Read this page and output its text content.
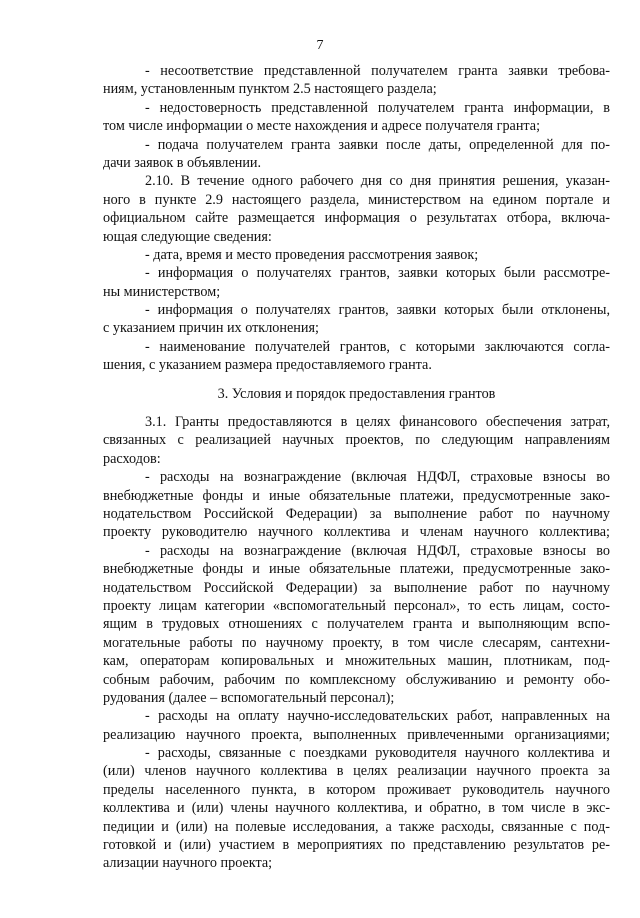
7
- несоответствие представленной получателем гранта заявки требова-
ниям, установленным пунктом 2.5 настоящего раздела;
- недостоверность представленной получателем гранта информации, в
том числе информации о месте нахождения и адресе получателя гранта;
- подача получателем гранта заявки после даты, определенной для по-
дачи заявок в объявлении.
2.10. В течение одного рабочего дня со дня принятия решения, указан-
ного в пункте 2.9 настоящего раздела, министерством на едином портале и
официальном сайте размещается информация о результатах отбора, включа-
ющая следующие сведения:
- дата, время и место проведения рассмотрения заявок;
- информация о получателях грантов, заявки которых были рассмотре-
ны министерством;
- информация о получателях грантов, заявки которых были отклонены,
с указанием причин их отклонения;
- наименование получателей грантов, с которыми заключаются согла-
шения, с указанием размера предоставляемого гранта.
3. Условия и порядок предоставления грантов
3.1. Гранты предоставляются в целях финансового обеспечения затрат,
связанных с реализацией научных проектов, по следующим направлениям
расходов:
- расходы на вознаграждение (включая НДФЛ, страховые взносы во
внебюджетные фонды и иные обязательные платежи, предусмотренные зако-
нодательством Российской Федерации) за выполнение работ по научному
проекту руководителю научного коллектива и членам научного коллектива;
- расходы на вознаграждение (включая НДФЛ, страховые взносы во
внебюджетные фонды и иные обязательные платежи, предусмотренные зако-
нодательством Российской Федерации) за выполнение работ по научному
проекту лицам категории «вспомогательный персонал», то есть лицам, состо-
ящим в трудовых отношениях с получателем гранта и выполняющим вспо-
могательные работы по научному проекту, в том числе слесарям, сантехни-
кам, операторам копировальных и множительных машин, плотникам, под-
собным рабочим, рабочим по комплексному обслуживанию и ремонту обо-
рудования (далее – вспомогательный персонал);
- расходы на оплату научно-исследовательских работ, направленных на
реализацию научного проекта, выполненных привлеченными организациями;
- расходы, связанные с поездками руководителя научного коллектива и
(или) членов научного коллектива в целях реализации научного проекта за
пределы населенного пункта, в котором проживает руководитель научного
коллектива и (или) члены научного коллектива, и обратно, в том числе в экс-
педиции и (или) на полевые исследования, а также расходы, связанные с под-
готовкой и (или) участием в мероприятиях по представлению результатов ре-
ализации научного проекта;
